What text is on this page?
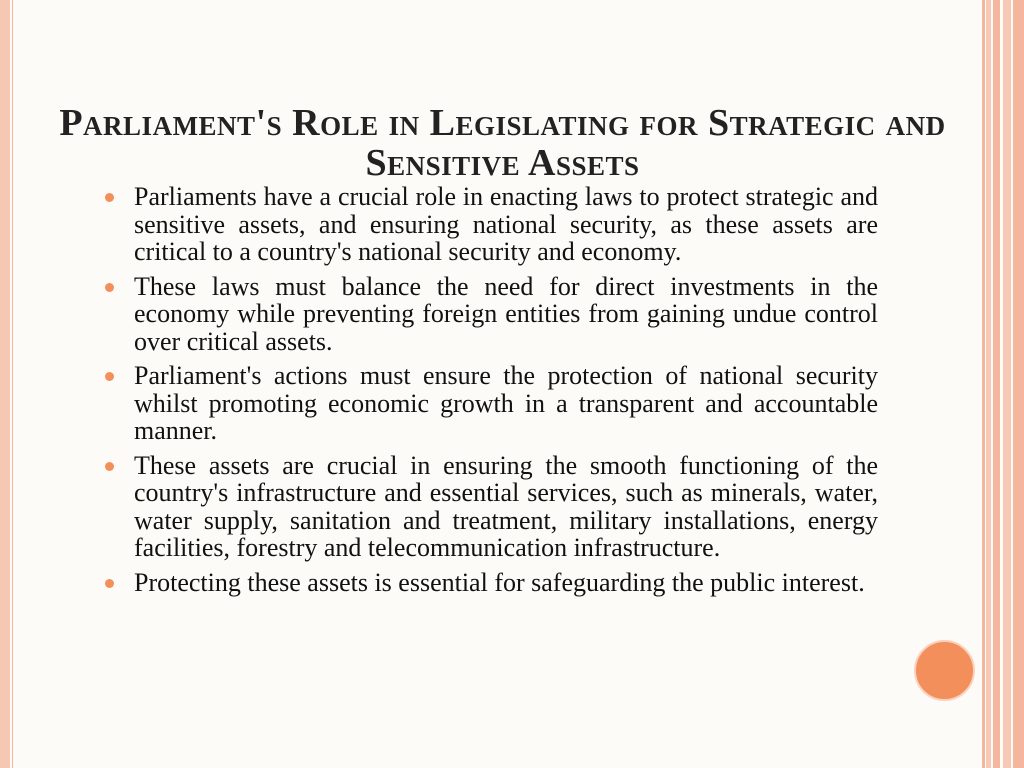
Parliament's Role in Legislating for Strategic and Sensitive Assets
Parliaments have a crucial role in enacting laws to protect strategic and sensitive assets, and ensuring national security, as these assets are critical to a country's national security and economy.
These laws must balance the need for direct investments in the economy while preventing foreign entities from gaining undue control over critical assets.
Parliament's actions must ensure the protection of national security whilst promoting economic growth in a transparent and accountable manner.
These assets are crucial in ensuring the smooth functioning of the country's infrastructure and essential services, such as minerals, water, water supply, sanitation and treatment, military installations, energy facilities, forestry and telecommunication infrastructure.
Protecting these assets is essential for safeguarding the public interest.
